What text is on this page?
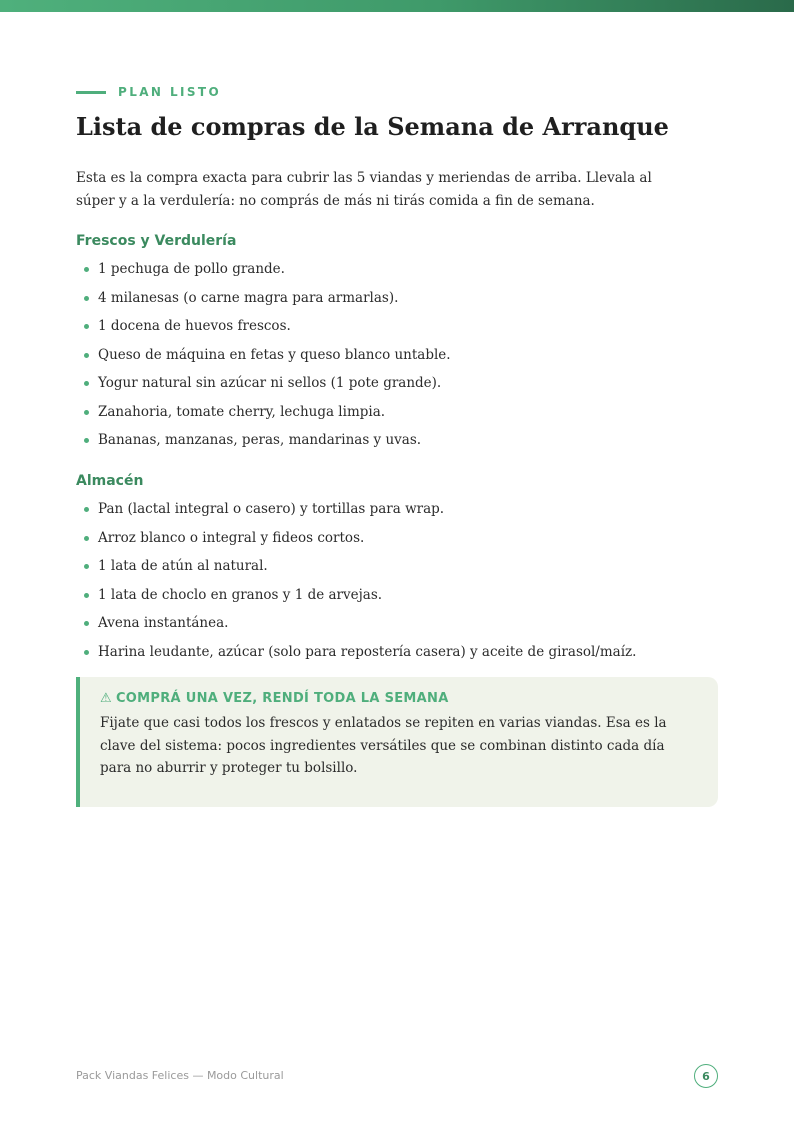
PLAN LISTO
Lista de compras de la Semana de Arranque

Esta es la compra exacta para cubrir las 5 viandas y meriendas de arriba. Llevala al súper y a la verdulería: no comprás de más ni tirás comida a fin de semana.

Frescos y Verdulería
1 pechuga de pollo grande.
4 milanesas (o carne magra para armarlas).
1 docena de huevos frescos.
Queso de máquina en fetas y queso blanco untable.
Yogur natural sin azúcar ni sellos (1 pote grande).
Zanahoria, tomate cherry, lechuga limpia.
Bananas, manzanas, peras, mandarinas y uvas.
Almacén
Pan (lactal integral o casero) y tortillas para wrap.
Arroz blanco o integral y fideos cortos.
1 lata de atún al natural.
1 lata de choclo en granos y 1 de arvejas.
Avena instantánea.
Harina leudante, azúcar (solo para repostería casera) y aceite de girasol/maíz.
⚠ COMPRÁ UNA VEZ, RENDÍ TODA LA SEMANA

Fijate que casi todos los frescos y enlatados se repiten en varias viandas. Esa es la clave del sistema: pocos ingredientes versátiles que se combinan distinto cada día para no aburrir y proteger tu bolsillo.

Pack Viandas Felices — Modo Cultural	6
